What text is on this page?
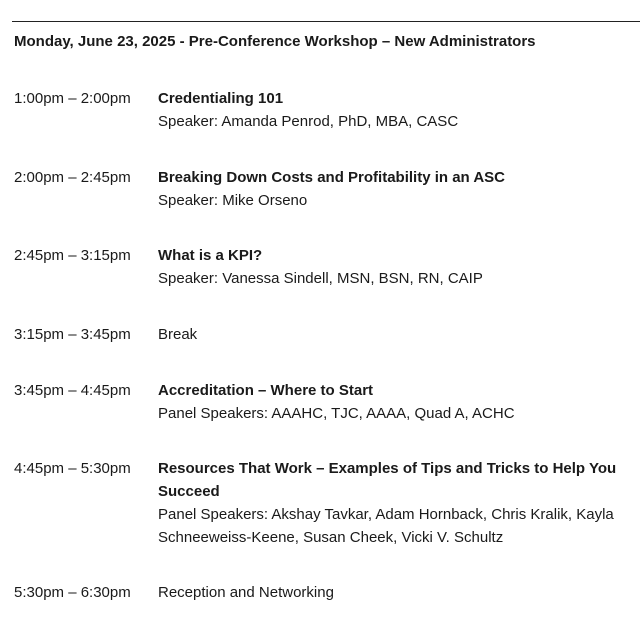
Monday, June 23, 2025 - Pre-Conference Workshop – New Administrators
1:00pm – 2:00pm	Credentialing 101
Speaker: Amanda Penrod, PhD, MBA, CASC
2:00pm – 2:45pm	Breaking Down Costs and Profitability in an ASC
Speaker: Mike Orseno
2:45pm – 3:15pm	What is a KPI?
Speaker: Vanessa Sindell, MSN, BSN, RN, CAIP
3:15pm – 3:45pm	Break
3:45pm – 4:45pm	Accreditation – Where to Start
Panel Speakers: AAAHC, TJC, AAAA, Quad A, ACHC
4:45pm – 5:30pm	Resources That Work – Examples of Tips and Tricks to Help You Succeed
Panel Speakers: Akshay Tavkar, Adam Hornback, Chris Kralik, Kayla Schneeweiss-Keene, Susan Cheek, Vicki V. Schultz
5:30pm – 6:30pm	Reception and Networking
